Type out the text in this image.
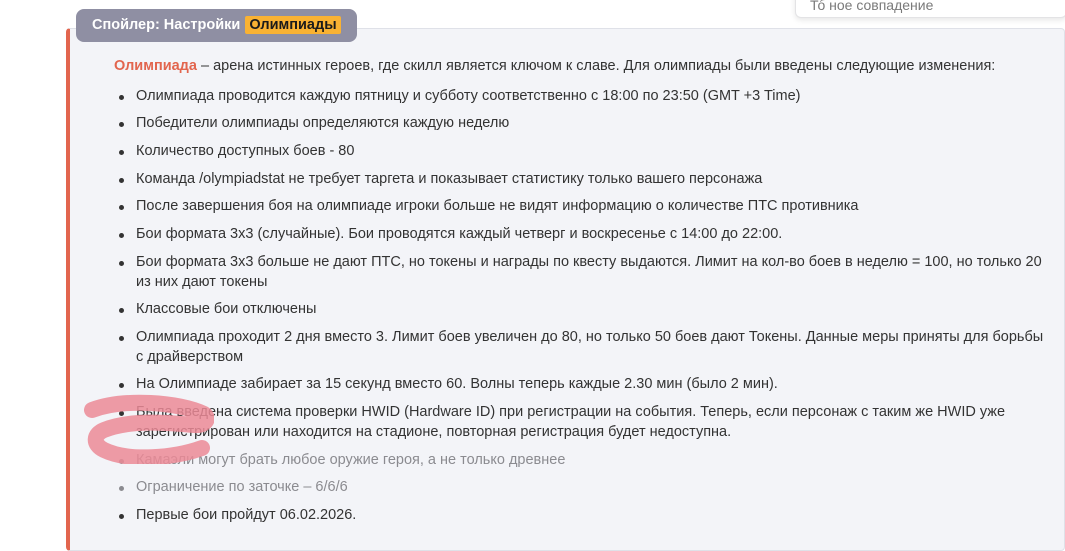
То︠ ное совпадение
Спойлер: Настройки Олимпиады

Олимпиада – арена истинных героев, где скилл является ключом к славе. Для олимпиады были введены следующие изменения:

Олимпиада проводится каждую пятницу и субботу соответственно с 18:00 по 23:50 (GMT +3 Time)
Победители олимпиады определяются каждую неделю
Количество доступных боев - 80
Команда /olympiadstat не требует таргета и показывает статистику только вашего персонажа
После завершения боя на олимпиаде игроки больше не видят информацию о количестве ПТС противника
Бои формата 3х3 (случайные). Бои проводятся каждый четверг и воскресенье с 14:00 до 22:00.
Бои формата 3х3 больше не дают ПТС, но токены и награды по квесту выдаются. Лимит на кол-во боев в неделю = 100, но только 20 из них дают токены
Классовые бои отключены
Олимпиада проходит 2 дня вместо 3. Лимит боев увеличен до 80, но только 50 боев дают Токены. Данные меры приняты для борьбы с драйверством
На Олимпиаде забирает за 15 секунд вместо 60. Волны теперь каждые 2.30 мин (было 2 мин).
Была введена система проверки HWID (Hardware ID) при регистрации на события. Теперь, если персонаж с таким же HWID уже зарегистрирован или находится на стадионе, повторная регистрация будет недоступна.
Камаэли могут брать любое оружие героя, а не только древнее
Ограничение по заточке – 6/6/6
Первые бои пройдут 06.02.2026.
